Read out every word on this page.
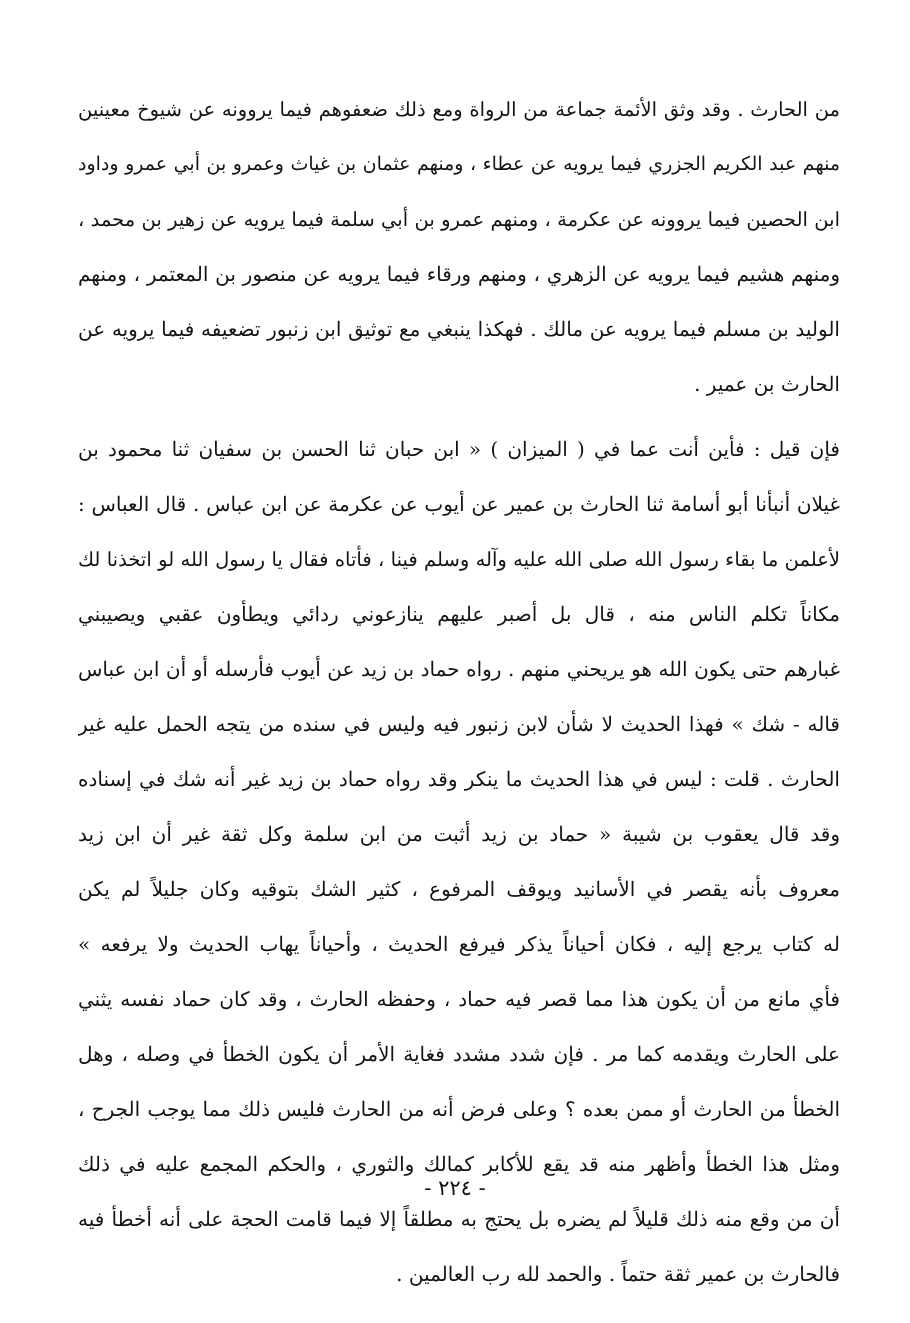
من الحارث . وقد وثق الأئمة جماعة من الرواة ومع ذلك ضعفوهم فيما يروونه عن شيوخ معينين
منهم عبد الكريم الجزري فيما يرويه عن عطاء ، ومنهم عثمان بن غياث وعمرو بن أبي عمرو وداود
ابن الحصين فيما يروونه عن عكرمة ، ومنهم عمرو بن أبي سلمة فيما يرويه عن زهير بن محمد ،
ومنهم هشيم فيما يرويه عن الزهري ، ومنهم ورقاء فيما يرويه عن منصور بن المعتمر ، ومنهم
الوليد بن مسلم فيما يرويه عن مالك . فهكذا ينبغي مع توثيق ابن زنبور تضعيفه فيما يرويه عن
الحارث بن عمير .
فإن قيل : فأين أنت عما في ( الميزان ) « ابن حبان ثنا الحسن بن سفيان ثنا محمود بن
غيلان أنبأنا أبو أسامة ثنا الحارث بن عمير عن أيوب عن عكرمة عن ابن عباس . قال العباس :
لأعلمن ما بقاء رسول الله صلى الله عليه وآله وسلم فينا ، فأتاه فقال يا رسول الله لو اتخذنا لك
مكاناً تكلم الناس منه ، قال بل أصبر عليهم ينازعوني ردائي ويطأون عقبي ويصيبني
غبارهم حتى يكون الله هو يريحني منهم . رواه حماد بن زيد عن أيوب فأرسله أو أن ابن عباس
قاله - شك » فهذا الحديث لا شأن لابن زنبور فيه وليس في سنده من يتجه الحمل عليه غير
الحارث . قلت : ليس في هذا الحديث ما ينكر وقد رواه حماد بن زيد غير أنه شك في إسناده
وقد قال يعقوب بن شيبة « حماد بن زيد أثبت من ابن سلمة وكل ثقة غير أن ابن زيد
معروف بأنه يقصر في الأسانيد ويوقف المرفوع ، كثير الشك بتوقيه وكان جليلاً لم يكن
له كتاب يرجع إليه ، فكان أحياناً يذكر فيرفع الحديث ، وأحياناً يهاب الحديث ولا يرفعه »
فأي مانع من أن يكون هذا مما قصر فيه حماد ، وحفظه الحارث ، وقد كان حماد نفسه يثني
على الحارث ويقدمه كما مر . فإن شدد مشدد فغاية الأمر أن يكون الخطأ في وصله ، وهل
الخطأ من الحارث أو ممن بعده ؟ وعلى فرض أنه من الحارث فليس ذلك مما يوجب الجرح ،
ومثل هذا الخطأ وأظهر منه قد يقع للأكابر كمالك والثوري ، والحكم المجمع عليه في ذلك
أن من وقع منه ذلك قليلاً لم يضره بل يحتج به مطلقاً إلا فيما قامت الحجة على أنه أخطأ فيه
فالحارث بن عمير ثقة حتماً . والحمد لله رب العالمين .
- ٢٢٤ -
